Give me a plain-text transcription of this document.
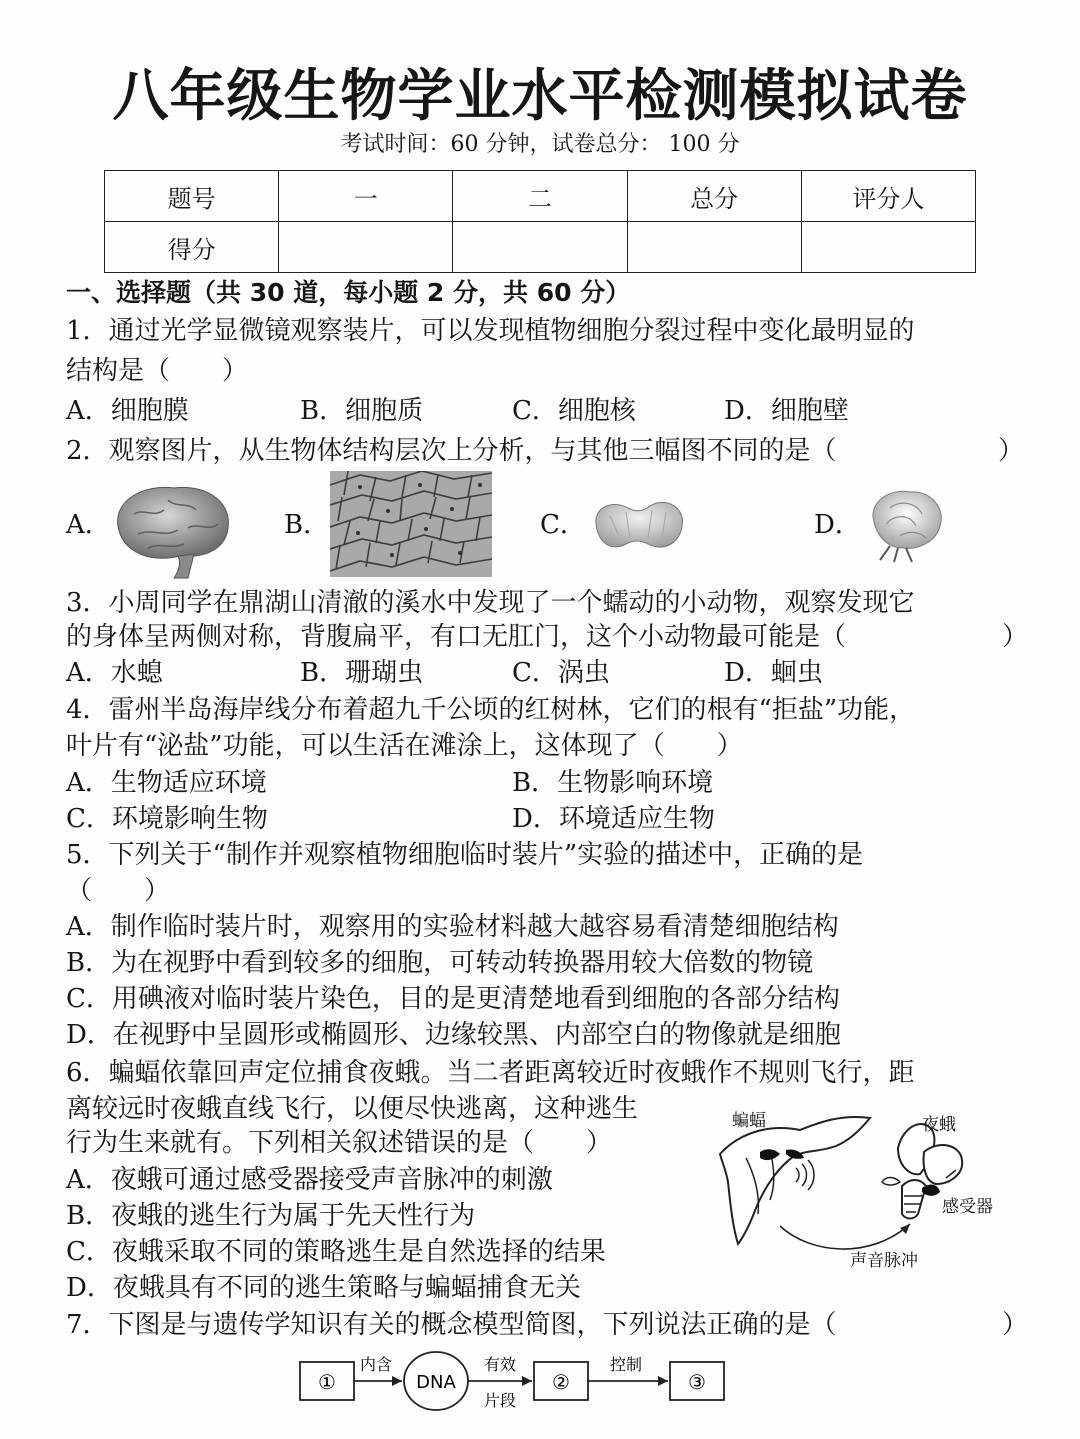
八年级生物学业水平检测模拟试卷
考试时间：60 分钟，试卷总分： 100 分
题号	一	二	总分	评分人
得分				
一、选择题（共 30 道，每小题 2 分，共 60 分）
1．通过光学显微镜观察装片，可以发现植物细胞分裂过程中变化最明显的
结构是（　　）
A．细胞膜	B．细胞质	C．细胞核	D．细胞壁
2．观察图片，从生物体结构层次上分析，与其他三幅图不同的是（	）
A．	B．	C．	D．
3．小周同学在鼎湖山清澈的溪水中发现了一个蠕动的小动物，观察发现它
的身体呈两侧对称，背腹扁平，有口无肛门，这个小动物最可能是（	）
A．水螅	B．珊瑚虫	C．涡虫	D．蛔虫
4．雷州半岛海岸线分布着超九千公顷的红树林，它们的根有“拒盐”功能，
叶片有“泌盐”功能，可以生活在滩涂上，这体现了（　　）
A．生物适应环境	B．生物影响环境
C．环境影响生物	D．环境适应生物
5．下列关于“制作并观察植物细胞临时装片”实验的描述中，正确的是
（　　）
A．制作临时装片时，观察用的实验材料越大越容易看清楚细胞结构
B．为在视野中看到较多的细胞，可转动转换器用较大倍数的物镜
C．用碘液对临时装片染色，目的是更清楚地看到细胞的各部分结构
D．在视野中呈圆形或椭圆形、边缘较黑、内部空白的物像就是细胞
6．蝙蝠依靠回声定位捕食夜蛾。当二者距离较近时夜蛾作不规则飞行，距
离较远时夜蛾直线飞行，以便尽快逃离，这种逃生
行为生来就有。下列相关叙述错误的是（　　）
A．夜蛾可通过感受器接受声音脉冲的刺激
B．夜蛾的逃生行为属于先天性行为
C．夜蛾采取不同的策略逃生是自然选择的结果
D．夜蛾具有不同的逃生策略与蝙蝠捕食无关
蝙蝠	夜蛾
感受器
声音脉冲
7．下图是与遗传学知识有关的概念模型简图，下列说法正确的是（	）
①
内含
DNA
有效
片段
②
控制
③
